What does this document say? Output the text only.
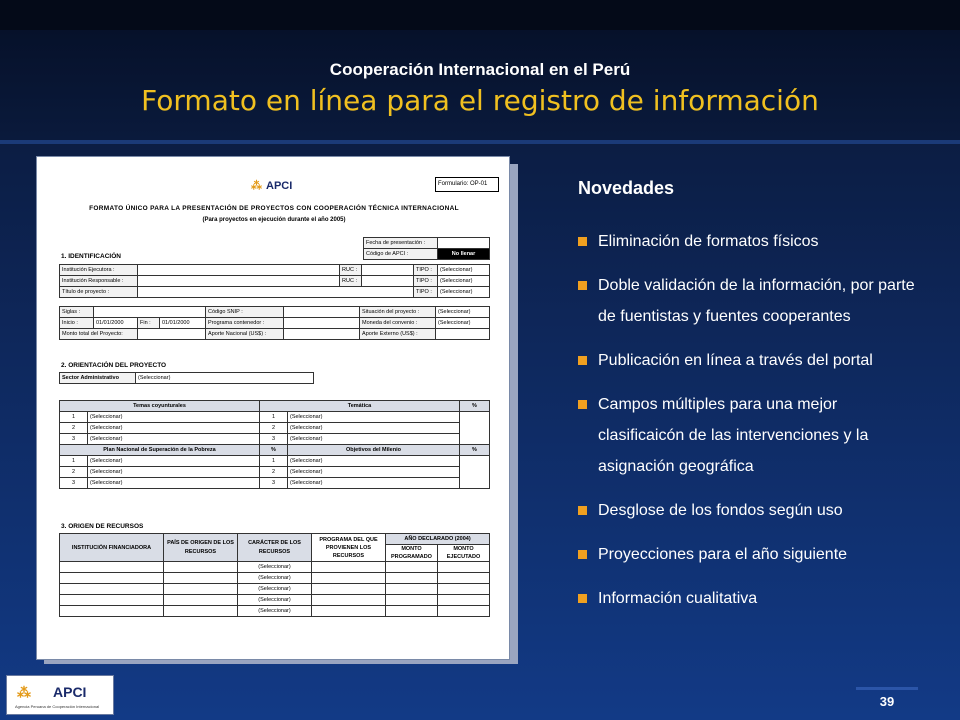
Cooperación Internacional en el Perú
Formato en línea para el registro de información
⁂ APCI	Formulario: OP-01
FORMATO ÚNICO PARA LA PRESENTACIÓN DE PROYECTOS CON COOPERACIÓN TÉCNICA INTERNACIONAL
(Para proyectos en ejecución durante el año 2005)
1. IDENTIFICACIÓN
Fecha de presentación :	
Código de APCI :	No llenar
Institución Ejecutora :		RUC :		TIPO :	(Seleccionar)
Institución Responsable :		RUC :		TIPO :	(Seleccionar)
Título de proyecto :				TIPO :	(Seleccionar)
Siglas :				Código SNIP :		Situación del proyecto :	(Seleccionar)
Inicio :	01/01/2000	Fin :	01/01/2000	Programa contenedor :		Moneda del convenio :	(Seleccionar)
Monto total del Proyecto:				Aporte Nacional (US$) :		Aporte Externo (US$) :	
2. ORIENTACIÓN DEL PROYECTO
Sector Administrativo	(Seleccionar)
Temas coyunturales		Temática		%
1	(Seleccionar)	1	(Seleccionar)	
2	(Seleccionar)	2	(Seleccionar)	
3	(Seleccionar)	3	(Seleccionar)	
Plan Nacional de Superación de la Pobreza		%	Objetivos del Milenio	%
1	(Seleccionar)	1	(Seleccionar)	
2	(Seleccionar)	2	(Seleccionar)	
3	(Seleccionar)	3	(Seleccionar)	
3. ORIGEN DE RECURSOS
INSTITUCIÓN FINANCIADORA	PAÍS DE ORIGEN DE LOS RECURSOS	CARÁCTER DE LOS RECURSOS	PROGRAMA DEL QUE PROVIENEN LOS RECURSOS	AÑO DECLARADO (2004)	
				MONTO PROGRAMADO	MONTO EJECUTADO
		(Seleccionar)			
		(Seleccionar)			
		(Seleccionar)			
		(Seleccionar)			
		(Seleccionar)			
Novedades
Eliminación de formatos físicos
Doble validación de la información, por parte de fuentistas y fuentes cooperantes
Publicación en línea a través del portal
Campos múltiples para una mejor clasificaicón de las intervenciones y la asignación geográfica
Desglose de los fondos según uso
Proyecciones para el año siguiente
Información cualitativa
⁂ APCI
Agencia Peruana de Cooperación Internacional	39
